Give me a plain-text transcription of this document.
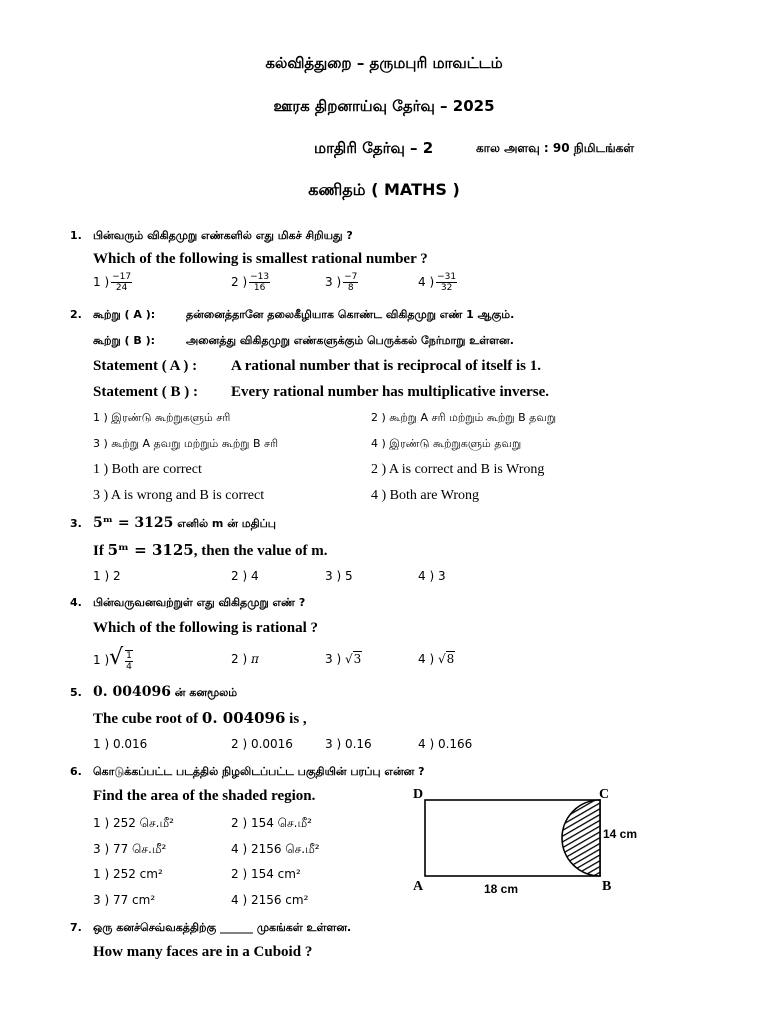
கல்வித்துறை – தருமபுரி மாவட்டம்
ஊரக திறனாய்வு தேர்வு – 2025
மாதிரி தேர்வு – 2	கால அளவு : 90 நிமிடங்கள்
கணிதம் ( MATHS )
1. பின்வரும் விகிதமுறு எண்களில் எது மிகச் சிறியது ?
Which of the following is smallest rational number ?
1 ) $\frac{-17}{24}$	2 ) $\frac{-13}{16}$	3 ) $\frac{-7}{8}$	4 ) $\frac{-31}{32}$
2. கூற்று ( A ):	தன்னைத்தானே தலைகீழியாக கொண்ட விகிதமுறு எண் 1 ஆகும்.
கூற்று ( B ):	அனைத்து விகிதமுறு எண்களுக்கும் பெருக்கல் நேர்மாறு உள்ளன.
Statement ( A ) : A rational number that is reciprocal of itself is 1.
Statement ( B ) : Every rational number has multiplicative inverse.
1 ) இரண்டு கூற்றுகளும் சரி	2 ) கூற்று A சரி மற்றும் கூற்று B தவறு
3 ) கூற்று A தவறு மற்றும் கூற்று B சரி	4 ) இரண்டு கூற்றுகளும் தவறு
1 ) Both are correct	2 ) A is correct and B is Wrong
3 ) A is wrong and B is correct	4 ) Both are Wrong
3. 5ᵐ = 3125 எனில் m ன் மதிப்பு
If 5ᵐ = 3125, then the value of m.
1 ) 2	2 ) 4	3 ) 5	4 ) 3
4. பின்வருவனவற்றுள் எது விகிதமுறு எண் ?
Which of the following is rational ?
1 )√ $\frac{1}{4}$	2 ) π	3 ) √3	4 ) √8
5. 0. 004096 ன் கனமூலம்
The cube root of 0. 004096 is ,
1 ) 0.016	2 ) 0.0016	3 ) 0.16	4 ) 0.166
6. கொடுக்கப்பட்ட படத்தில் நிழலிடப்பட்ட பகுதியின் பரப்பு என்ன ?
Find the area of the shaded region.
1 ) 252 செ.மீ²	2 ) 154 செ.மீ²
3 ) 77 செ.மீ²	4 ) 2156 செ.மீ²
1 ) 252 cm²	2 ) 154 cm²
3 ) 77 cm²	4 ) 2156 cm²
D	C
A	B
14 cm
18 cm
7. ஒரு கனச்செவ்வகத்திற்கு ______ முகங்கள் உள்ளன.
How many faces are in a Cuboid ?
